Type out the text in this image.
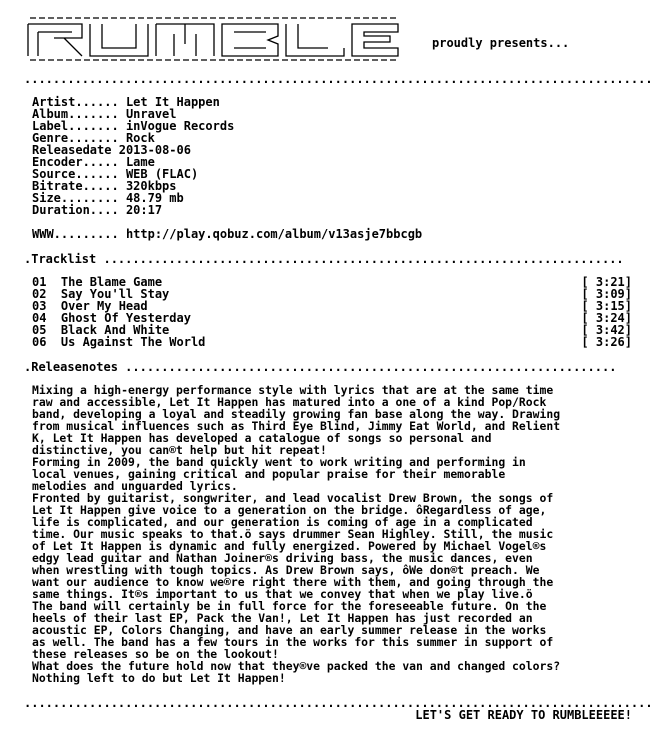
proudly presents...
.......................................................................................
Artist...... Let It Happen
Album....... Unravel
Label....... inVogue Records
Genre....... Rock
Releasedate 2013-08-06
Encoder..... Lame
Source...... WEB (FLAC)
Bitrate..... 320kbps
Size........ 48.79 mb
Duration.... 20:17
WWW......... http://play.qobuz.com/album/v13asje7bbcgb
.Tracklist ........................................................................
01 The Blame Game	[ 3:21]
02 Say You'll Stay	[ 3:09]
03 Over My Head	[ 3:15]
04 Ghost Of Yesterday	[ 3:24]
05 Black And White	[ 3:42]
06 Us Against The World	[ 3:26]
.Releasenotes ....................................................................
Mixing a high-energy performance style with lyrics that are at the same time
raw and accessible, Let It Happen has matured into a one of a kind Pop/Rock
band, developing a loyal and steadily growing fan base along the way. Drawing
from musical influences such as Third Eye Blind, Jimmy Eat World, and Relient
K, Let It Happen has developed a catalogue of songs so personal and
distinctive, you can®t help but hit repeat!
Forming in 2009, the band quickly went to work writing and performing in
local venues, gaining critical and popular praise for their memorable
melodies and unguarded lyrics.
Fronted by guitarist, songwriter, and lead vocalist Drew Brown, the songs of
Let It Happen give voice to a generation on the bridge. ôRegardless of age,
life is complicated, and our generation is coming of age in a complicated
time. Our music speaks to that.ö says drummer Sean Highley. Still, the music
of Let It Happen is dynamic and fully energized. Powered by Michael Vogel®s
edgy lead guitar and Nathan Joiner®s driving bass, the music dances, even
when wrestling with tough topics. As Drew Brown says, ôWe don®t preach. We
want our audience to know we®re right there with them, and going through the
same things. It®s important to us that we convey that when we play live.ö
The band will certainly be in full force for the foreseeable future. On the
heels of their last EP, Pack the Van!, Let It Happen has just recorded an
acoustic EP, Colors Changing, and have an early summer release in the works
as well. The band has a few tours in the works for this summer in support of
these releases so be on the lookout!
What does the future hold now that they®ve packed the van and changed colors?
Nothing left to do but Let It Happen!
.......................................................................................
LET'S GET READY TO RUMBLEEEEE!
